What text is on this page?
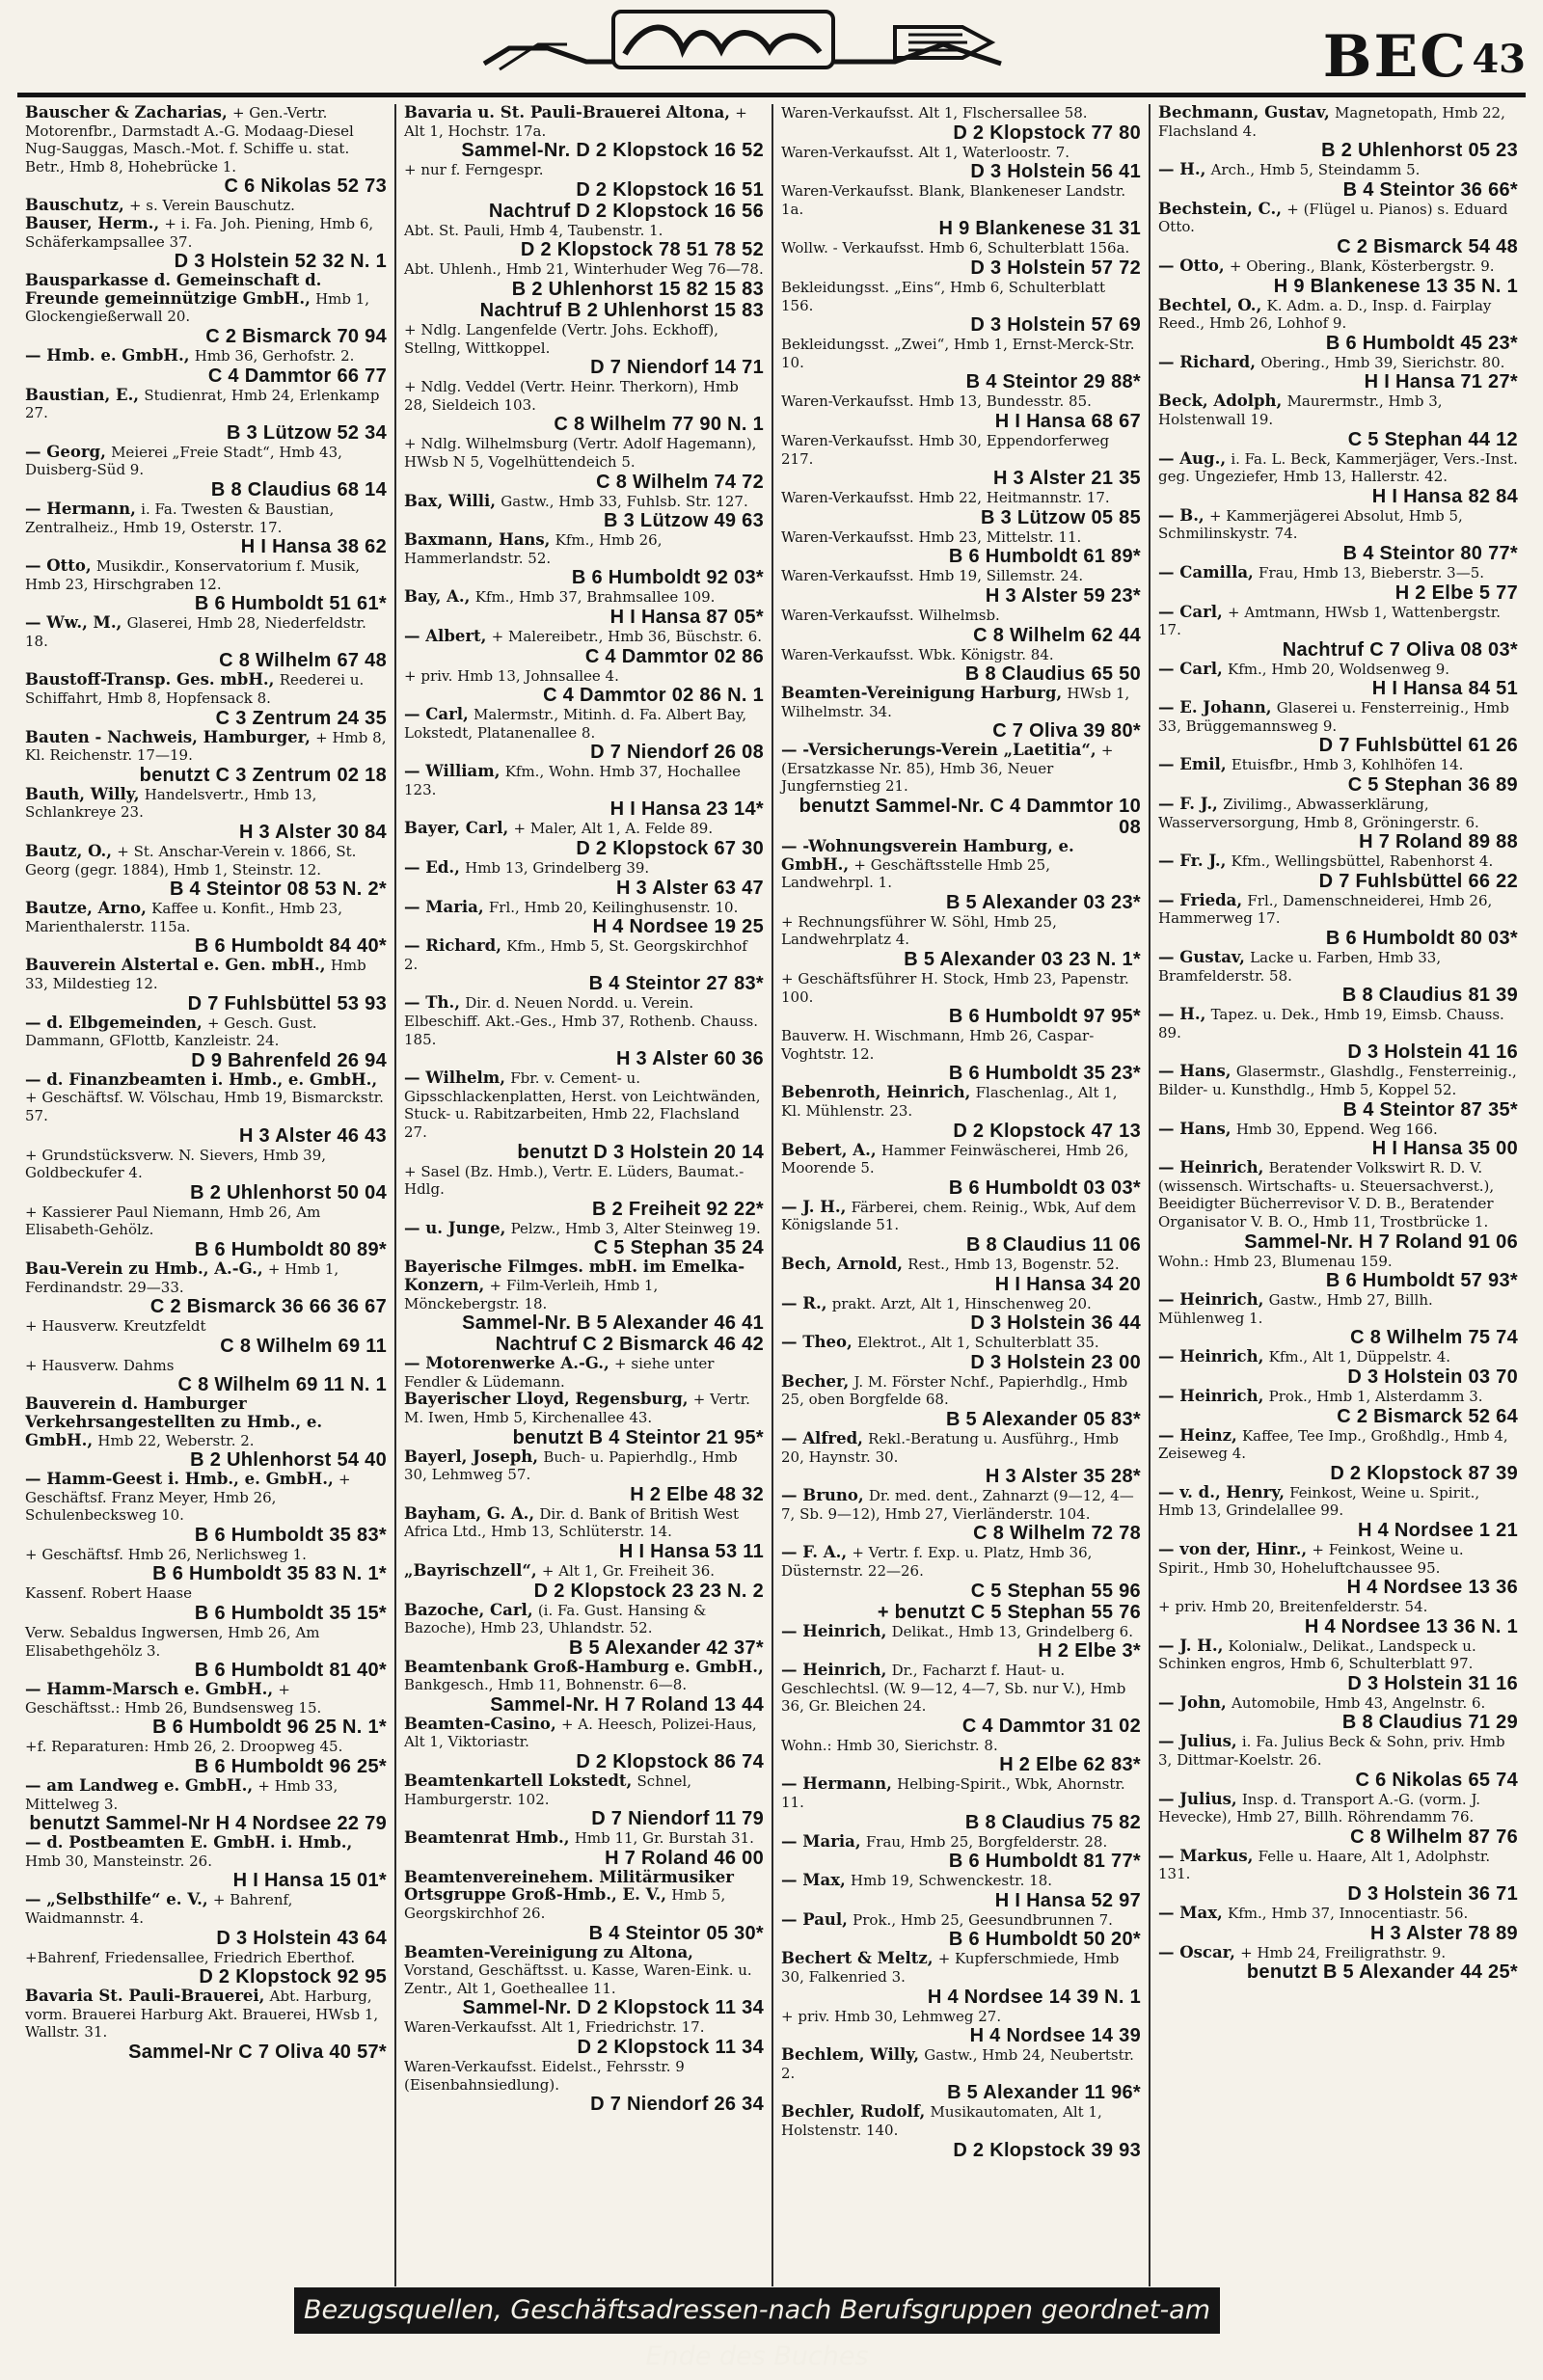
BEC 43
Bauscher & Zacharias, + Gen.-Vertr. Motorenfbr., Darmstadt A.-G. Modaag-Diesel Nug-Sauggas, Masch.-Mot. f. Schiffe u. stat. Betr., Hmb 8, Hohebrücke 1.
C 6 Nikolas 52 73
Bauschutz, + s. Verein Bauschutz.
Bauser, Herm., + i. Fa. Joh. Piening, Hmb 6, Schäferkampsallee 37.
D 3 Holstein 52 32 N. 1
Bausparkasse d. Gemeinschaft d. Freunde gemeinnützige GmbH., Hmb 1, Glockengießerwall 20.
C 2 Bismarck 70 94
— Hmb. e. GmbH., Hmb 36, Gerhofstr. 2.
C 4 Dammtor 66 77
Baustian, E., Studienrat, Hmb 24, Erlenkamp 27.
B 3 Lützow 52 34
— Georg, Meierei „Freie Stadt“, Hmb 43, Duisberg-Süd 9.
B 8 Claudius 68 14
— Hermann, i. Fa. Twesten & Baustian, Zentralheiz., Hmb 19, Osterstr. 17.
H I Hansa 38 62
— Otto, Musikdir., Konservatorium f. Musik, Hmb 23, Hirschgraben 12.
B 6 Humboldt 51 61*
— Ww., M., Glaserei, Hmb 28, Niederfeldstr. 18.
C 8 Wilhelm 67 48
Baustoff-Transp. Ges. mbH., Reederei u. Schiffahrt, Hmb 8, Hopfensack 8.
C 3 Zentrum 24 35
Bauten - Nachweis, Hamburger, + Hmb 8, Kl. Reichenstr. 17—19.
benutzt C 3 Zentrum 02 18
Bauth, Willy, Handelsvertr., Hmb 13, Schlankreye 23.
H 3 Alster 30 84
Bautz, O., + St. Anschar-Verein v. 1866, St. Georg (gegr. 1884), Hmb 1, Steinstr. 12.
B 4 Steintor 08 53 N. 2*
Bautze, Arno, Kaffee u. Konfit., Hmb 23, Marienthalerstr. 115a.
B 6 Humboldt 84 40*
Bauverein Alstertal e. Gen. mbH., Hmb 33, Mildestieg 12.
D 7 Fuhlsbüttel 53 93
— d. Elbgemeinden, + Gesch. Gust. Dammann, GFlottb, Kanzleistr. 24.
D 9 Bahrenfeld 26 94
— d. Finanzbeamten i. Hmb., e. GmbH., + Geschäftsf. W. Völschau, Hmb 19, Bismarckstr. 57.
H 3 Alster 46 43
+ Grundstücksverw. N. Sievers, Hmb 39, Goldbeckufer 4.
B 2 Uhlenhorst 50 04
+ Kassierer Paul Niemann, Hmb 26, Am Elisabeth-Gehölz.
B 6 Humboldt 80 89*
Bau-Verein zu Hmb., A.-G., + Hmb 1, Ferdinandstr. 29—33.
C 2 Bismarck 36 66 36 67
+ Hausverw. Kreutzfeldt
C 8 Wilhelm 69 11
+ Hausverw. Dahms
C 8 Wilhelm 69 11 N. 1
Bauverein d. Hamburger Verkehrsangestellten zu Hmb., e. GmbH., Hmb 22, Weberstr. 2.
B 2 Uhlenhorst 54 40
— Hamm-Geest i. Hmb., e. GmbH., + Geschäftsf. Franz Meyer, Hmb 26, Schulenbecksweg 10.
B 6 Humboldt 35 83*
+ Geschäftsf. Hmb 26, Nerlichsweg 1.
B 6 Humboldt 35 83 N. 1*
Kassenf. Robert Haase
B 6 Humboldt 35 15*
Verw. Sebaldus Ingwersen, Hmb 26, Am Elisabethgehölz 3.
B 6 Humboldt 81 40*
— Hamm-Marsch e. GmbH., + Geschäftsst.: Hmb 26, Bundsensweg 15.
B 6 Humboldt 96 25 N. 1*
+f. Reparaturen: Hmb 26, 2. Droopweg 45.
B 6 Humboldt 96 25*
— am Landweg e. GmbH., + Hmb 33, Mittelweg 3.
benutzt Sammel-Nr H 4 Nordsee 22 79
— d. Postbeamten E. GmbH. i. Hmb., Hmb 30, Mansteinstr. 26.
H I Hansa 15 01*
— „Selbsthilfe“ e. V., + Bahrenf, Waidmannstr. 4.
D 3 Holstein 43 64
+Bahrenf, Friedensallee, Friedrich Eberthof.
D 2 Klopstock 92 95
Bavaria St. Pauli-Brauerei, Abt. Harburg, vorm. Brauerei Harburg Akt. Brauerei, HWsb 1, Wallstr. 31.
Sammel-Nr C 7 Oliva 40 57*
Bavaria u. St. Pauli-Brauerei Altona, + Alt 1, Hochstr. 17a.
Sammel-Nr. D 2 Klopstock 16 52
+ nur f. Ferngespr.
D 2 Klopstock 16 51
Nachtruf D 2 Klopstock 16 56
Abt. St. Pauli, Hmb 4, Taubenstr. 1.
D 2 Klopstock 78 51 78 52
Abt. Uhlenh., Hmb 21, Winterhuder Weg 76—78.
B 2 Uhlenhorst 15 82 15 83
Nachtruf B 2 Uhlenhorst 15 83
+ Ndlg. Langenfelde (Vertr. Johs. Eckhoff), Stellng, Wittkoppel.
D 7 Niendorf 14 71
+ Ndlg. Veddel (Vertr. Heinr. Therkorn), Hmb 28, Sieldeich 103.
C 8 Wilhelm 77 90 N. 1
+ Ndlg. Wilhelmsburg (Vertr. Adolf Hagemann), HWsb N 5, Vogelhüttendeich 5.
C 8 Wilhelm 74 72
Bax, Willi, Gastw., Hmb 33, Fuhlsb. Str. 127.
B 3 Lützow 49 63
Baxmann, Hans, Kfm., Hmb 26, Hammerlandstr. 52.
B 6 Humboldt 92 03*
Bay, A., Kfm., Hmb 37, Brahmsallee 109.
H I Hansa 87 05*
— Albert, + Malereibetr., Hmb 36, Büschstr. 6.
C 4 Dammtor 02 86
+ priv. Hmb 13, Johnsallee 4.
C 4 Dammtor 02 86 N. 1
— Carl, Malermstr., Mitinh. d. Fa. Albert Bay, Lokstedt, Platanenallee 8.
D 7 Niendorf 26 08
— William, Kfm., Wohn. Hmb 37, Hochallee 123.
H I Hansa 23 14*
Bayer, Carl, + Maler, Alt 1, A. Felde 89.
D 2 Klopstock 67 30
— Ed., Hmb 13, Grindelberg 39.
H 3 Alster 63 47
— Maria, Frl., Hmb 20, Keilinghusenstr. 10.
H 4 Nordsee 19 25
— Richard, Kfm., Hmb 5, St. Georgskirchhof 2.
B 4 Steintor 27 83*
— Th., Dir. d. Neuen Nordd. u. Verein. Elbeschiff. Akt.-Ges., Hmb 37, Rothenb. Chauss. 185.
H 3 Alster 60 36
— Wilhelm, Fbr. v. Cement- u. Gipsschlackenplatten, Herst. von Leichtwänden, Stuck- u. Rabitzarbeiten, Hmb 22, Flachsland 27.
benutzt D 3 Holstein 20 14
+ Sasel (Bz. Hmb.), Vertr. E. Lüders, Baumat.-Hdlg.
B 2 Freiheit 92 22*
— u. Junge, Pelzw., Hmb 3, Alter Steinweg 19.
C 5 Stephan 35 24
Bayerische Filmges. mbH. im Emelka-Konzern, + Film-Verleih, Hmb 1, Mönckebergstr. 18.
Sammel-Nr. B 5 Alexander 46 41
Nachtruf C 2 Bismarck 46 42
— Motorenwerke A.-G., + siehe unter Fendler & Lüdemann.
Bayerischer Lloyd, Regensburg, + Vertr. M. Iwen, Hmb 5, Kirchenallee 43.
benutzt B 4 Steintor 21 95*
Bayerl, Joseph, Buch- u. Papierhdlg., Hmb 30, Lehmweg 57.
H 2 Elbe 48 32
Bayham, G. A., Dir. d. Bank of British West Africa Ltd., Hmb 13, Schlüterstr. 14.
H I Hansa 53 11
„Bayrischzell“, + Alt 1, Gr. Freiheit 36.
D 2 Klopstock 23 23 N. 2
Bazoche, Carl, (i. Fa. Gust. Hansing & Bazoche), Hmb 23, Uhlandstr. 52.
B 5 Alexander 42 37*
Beamtenbank Groß-Hamburg e. GmbH., Bankgesch., Hmb 11, Bohnenstr. 6—8.
Sammel-Nr. H 7 Roland 13 44
Beamten-Casino, + A. Heesch, Polizei-Haus, Alt 1, Viktoriastr.
D 2 Klopstock 86 74
Beamtenkartell Lokstedt, Schnel, Hamburgerstr. 102.
D 7 Niendorf 11 79
Beamtenrat Hmb., Hmb 11, Gr. Burstah 31.
H 7 Roland 46 00
Beamtenvereinehem. Militärmusiker Ortsgruppe Groß-Hmb., E. V., Hmb 5, Georgskirchhof 26.
B 4 Steintor 05 30*
Beamten-Vereinigung zu Altona, Vorstand, Geschäftsst. u. Kasse, Waren-Eink. u. Zentr., Alt 1, Goetheallee 11.
Sammel-Nr. D 2 Klopstock 11 34
Waren-Verkaufsst. Alt 1, Friedrichstr. 17.
D 2 Klopstock 11 34
Waren-Verkaufsst. Eidelst., Fehrsstr. 9 (Eisenbahnsiedlung).
D 7 Niendorf 26 34
Waren-Verkaufsst. Alt 1, Flschersallee 58.
D 2 Klopstock 77 80
Waren-Verkaufsst. Alt 1, Waterloostr. 7.
D 3 Holstein 56 41
Waren-Verkaufsst. Blank, Blankeneser Landstr. 1a.
H 9 Blankenese 31 31
Wollw. - Verkaufsst. Hmb 6, Schulterblatt 156a.
D 3 Holstein 57 72
Bekleidungsst. „Eins“, Hmb 6, Schulterblatt 156.
D 3 Holstein 57 69
Bekleidungsst. „Zwei“, Hmb 1, Ernst-Merck-Str. 10.
B 4 Steintor 29 88*
Waren-Verkaufsst. Hmb 13, Bundesstr. 85.
H I Hansa 68 67
Waren-Verkaufsst. Hmb 30, Eppendorferweg 217.
H 3 Alster 21 35
Waren-Verkaufsst. Hmb 22, Heitmannstr. 17.
B 3 Lützow 05 85
Waren-Verkaufsst. Hmb 23, Mittelstr. 11.
B 6 Humboldt 61 89*
Waren-Verkaufsst. Hmb 19, Sillemstr. 24.
H 3 Alster 59 23*
Waren-Verkaufsst. Wilhelmsb.
C 8 Wilhelm 62 44
Waren-Verkaufsst. Wbk. Königstr. 84.
B 8 Claudius 65 50
Beamten-Vereinigung Harburg, HWsb 1, Wilhelmstr. 34.
C 7 Oliva 39 80*
— -Versicherungs-Verein „Laetitia“, + (Ersatzkasse Nr. 85), Hmb 36, Neuer Jungfernstieg 21.
benutzt Sammel-Nr. C 4 Dammtor 10 08
— -Wohnungsverein Hamburg, e. GmbH., + Geschäftsstelle Hmb 25, Landwehrpl. 1.
B 5 Alexander 03 23*
+ Rechnungsführer W. Söhl, Hmb 25, Landwehrplatz 4.
B 5 Alexander 03 23 N. 1*
+ Geschäftsführer H. Stock, Hmb 23, Papenstr. 100.
B 6 Humboldt 97 95*
Bauverw. H. Wischmann, Hmb 26, Caspar-Voghtstr. 12.
B 6 Humboldt 35 23*
Bebenroth, Heinrich, Flaschenlag., Alt 1, Kl. Mühlenstr. 23.
D 2 Klopstock 47 13
Bebert, A., Hammer Feinwäscherei, Hmb 26, Moorende 5.
B 6 Humboldt 03 03*
— J. H., Färberei, chem. Reinig., Wbk, Auf dem Königslande 51.
B 8 Claudius 11 06
Bech, Arnold, Rest., Hmb 13, Bogenstr. 52.
H I Hansa 34 20
— R., prakt. Arzt, Alt 1, Hinschenweg 20.
D 3 Holstein 36 44
— Theo, Elektrot., Alt 1, Schulterblatt 35.
D 3 Holstein 23 00
Becher, J. M. Förster Nchf., Papierhdlg., Hmb 25, oben Borgfelde 68.
B 5 Alexander 05 83*
— Alfred, Rekl.-Beratung u. Ausführg., Hmb 20, Haynstr. 30.
H 3 Alster 35 28*
— Bruno, Dr. med. dent., Zahnarzt (9—12, 4—7, Sb. 9—12), Hmb 27, Vierländerstr. 104.
C 8 Wilhelm 72 78
— F. A., + Vertr. f. Exp. u. Platz, Hmb 36, Düsternstr. 22—26.
C 5 Stephan 55 96
+ benutzt C 5 Stephan 55 76
— Heinrich, Delikat., Hmb 13, Grindelberg 6.
H 2 Elbe 3*
— Heinrich, Dr., Facharzt f. Haut- u. Geschlechtsl. (W. 9—12, 4—7, Sb. nur V.), Hmb 36, Gr. Bleichen 24.
C 4 Dammtor 31 02
Wohn.: Hmb 30, Sierichstr. 8.
H 2 Elbe 62 83*
— Hermann, Helbing-Spirit., Wbk, Ahornstr. 11.
B 8 Claudius 75 82
— Maria, Frau, Hmb 25, Borgfelderstr. 28.
B 6 Humboldt 81 77*
— Max, Hmb 19, Schwenckestr. 18.
H I Hansa 52 97
— Paul, Prok., Hmb 25, Geesundbrunnen 7.
B 6 Humboldt 50 20*
Bechert & Meltz, + Kupferschmiede, Hmb 30, Falkenried 3.
H 4 Nordsee 14 39 N. 1
+ priv. Hmb 30, Lehmweg 27.
H 4 Nordsee 14 39
Bechlem, Willy, Gastw., Hmb 24, Neubertstr. 2.
B 5 Alexander 11 96*
Bechler, Rudolf, Musikautomaten, Alt 1, Holstenstr. 140.
D 2 Klopstock 39 93
Bechmann, Gustav, Magnetopath, Hmb 22, Flachsland 4.
B 2 Uhlenhorst 05 23
— H., Arch., Hmb 5, Steindamm 5.
B 4 Steintor 36 66*
Bechstein, C., + (Flügel u. Pianos) s. Eduard Otto.
C 2 Bismarck 54 48
— Otto, + Obering., Blank, Kösterbergstr. 9.
H 9 Blankenese 13 35 N. 1
Bechtel, O., K. Adm. a. D., Insp. d. Fairplay Reed., Hmb 26, Lohhof 9.
B 6 Humboldt 45 23*
— Richard, Obering., Hmb 39, Sierichstr. 80.
H I Hansa 71 27*
Beck, Adolph, Maurermstr., Hmb 3, Holstenwall 19.
C 5 Stephan 44 12
— Aug., i. Fa. L. Beck, Kammerjäger, Vers.-Inst. geg. Ungeziefer, Hmb 13, Hallerstr. 42.
H I Hansa 82 84
— B., + Kammerjägerei Absolut, Hmb 5, Schmilinskystr. 74.
B 4 Steintor 80 77*
— Camilla, Frau, Hmb 13, Bieberstr. 3—5.
H 2 Elbe 5 77
— Carl, + Amtmann, HWsb 1, Wattenbergstr. 17.
Nachtruf C 7 Oliva 08 03*
— Carl, Kfm., Hmb 20, Woldsenweg 9.
H I Hansa 84 51
— E. Johann, Glaserei u. Fensterreinig., Hmb 33, Brüggemannsweg 9.
D 7 Fuhlsbüttel 61 26
— Emil, Etuisfbr., Hmb 3, Kohlhöfen 14.
C 5 Stephan 36 89
— F. J., Zivilimg., Abwasserklärung, Wasserversorgung, Hmb 8, Gröningerstr. 6.
H 7 Roland 89 88
— Fr. J., Kfm., Wellingsbüttel, Rabenhorst 4.
D 7 Fuhlsbüttel 66 22
— Frieda, Frl., Damenschneiderei, Hmb 26, Hammerweg 17.
B 6 Humboldt 80 03*
— Gustav, Lacke u. Farben, Hmb 33, Bramfelderstr. 58.
B 8 Claudius 81 39
— H., Tapez. u. Dek., Hmb 19, Eimsb. Chauss. 89.
D 3 Holstein 41 16
— Hans, Glasermstr., Glashdlg., Fensterreinig., Bilder- u. Kunsthdlg., Hmb 5, Koppel 52.
B 4 Steintor 87 35*
— Hans, Hmb 30, Eppend. Weg 166.
H I Hansa 35 00
— Heinrich, Beratender Volkswirt R. D. V. (wissensch. Wirtschafts- u. Steuersachverst.), Beeidigter Bücherrevisor V. D. B., Beratender Organisator V. B. O., Hmb 11, Trostbrücke 1.
Sammel-Nr. H 7 Roland 91 06
Wohn.: Hmb 23, Blumenau 159.
B 6 Humboldt 57 93*
— Heinrich, Gastw., Hmb 27, Billh. Mühlenweg 1.
C 8 Wilhelm 75 74
— Heinrich, Kfm., Alt 1, Düppelstr. 4.
D 3 Holstein 03 70
— Heinrich, Prok., Hmb 1, Alsterdamm 3.
C 2 Bismarck 52 64
— Heinz, Kaffee, Tee Imp., Großhdlg., Hmb 4, Zeiseweg 4.
D 2 Klopstock 87 39
— v. d., Henry, Feinkost, Weine u. Spirit., Hmb 13, Grindelallee 99.
H 4 Nordsee 1 21
— von der, Hinr., + Feinkost, Weine u. Spirit., Hmb 30, Hoheluftchaussee 95.
H 4 Nordsee 13 36
+ priv. Hmb 20, Breitenfelderstr. 54.
H 4 Nordsee 13 36 N. 1
— J. H., Kolonialw., Delikat., Landspeck u. Schinken engros, Hmb 6, Schulterblatt 97.
D 3 Holstein 31 16
— John, Automobile, Hmb 43, Angelnstr. 6.
B 8 Claudius 71 29
— Julius, i. Fa. Julius Beck & Sohn, priv. Hmb 3, Dittmar-Koelstr. 26.
C 6 Nikolas 65 74
— Julius, Insp. d. Transport A.-G. (vorm. J. Hevecke), Hmb 27, Billh. Röhrendamm 76.
C 8 Wilhelm 87 76
— Markus, Felle u. Haare, Alt 1, Adolphstr. 131.
D 3 Holstein 36 71
— Max, Kfm., Hmb 37, Innocentiastr. 56.
H 3 Alster 78 89
— Oscar, + Hmb 24, Freiligrathstr. 9.
benutzt B 5 Alexander 44 25*
Bezugsquellen, Geschäftsadressen-nach Berufsgruppen geordnet-am Ende des Buches
